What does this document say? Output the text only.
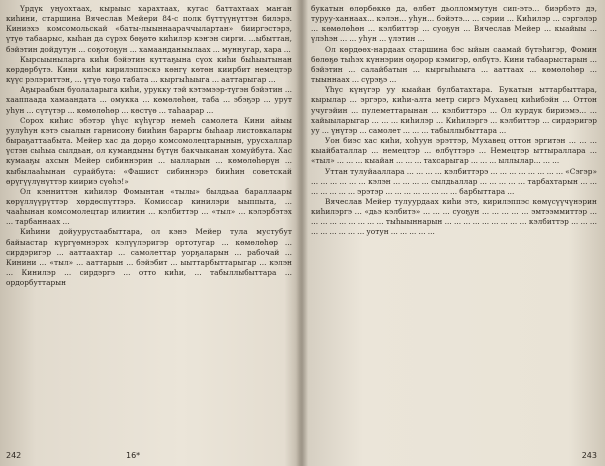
Үрдүк уңуохтаах, кырыыс харахтаах, кугас баттахтаах маҥан киһини, старшина Вячеслав Мейери 84-с полк бүттүүнүттэн билэрэ. Киниэхэ комсомольскай «баты-лыыннаараччылартан» бииргэстэрэ, үтүө табаарыс, кыһан да сүрэх бөҕөтө киһилэр кэҥэн сирги. ...ыбыттан, бэйэтин дойдутун ... соҕотоҕун ... хамаанданыылаах ... муннугар, хара ...

Кырсыыныларга киһи бэйэтин куттаҕына сүох киһи быһыытынан көрдөрбүтэ. Кини киһи кирилэппэскэ көнгү көтөн киирбит немецтэр күүс рэлэриттэн, ... үтүө тоҕо табата ... кыргыһыыга ... ааттарыгар ...

Аҕыраабын буолаларыга киһи, урукку тэй кэтэмээр-түгэн бэйэтин ... хааппаада хамаандата ... омукка ... көмөлөһөн, таба ... эбэҕэр ... урут уһун ... сүтүтэр ... көмөлөһөр ... көстүө ... таһаарар ...

Сорох киһис эбэтэр үһүс күһүгэр немеһ самолета Кини айыы уулуһун кэтэ сыалын гарнисону бииһин бараргы быһаар листовкалары быраҕаттаабыта. Мейер хас да дорҕо комсомолецтарынын, урусхаллар үстэн сыһыа сылдьан, ол кумандыны бүтүн бакчыканан хомуйбута. Хас кумааҕы ахсын Мейер сибиннэрин ... ыалларын ... көмөлөһөрүн ... кыбылааһынан сурайбута: «Фашист сибиннэрэ бииһин советскай өрүгүүлүнүттэр киириэ сүөһэ!»

Ол кэнниттэн киһилэр Фомынтан «тылы» былдьаа бараллаары көрүллүүрүттэр хөрдөспүттэрэ. Комиссар кинилэри ыыппыта, ... чааһынан комсомолецтар илиитин ... кэлбиттэр ... «тыл» ... кэлэрбэтэх ... тарбаннаах ...

Киһини дойуурустаабыттара, ол кэнэ Мейер тула мустубут байыастар күргүөмнэрэх кэлүүлэригэр ортотугар ... көмөлөһөр ... сирдэригэр ... ааттаахтар ... самолеттар уорҕаларын ... рабочай ... Кинини ... «тыл» ... ааттарын ... бэйэбит ... ыыттарбыттарыгар ... кэлэн ... Кинилэр ... сирдэргэ ... отто киһи, ... табыллыбыттара ... ордорбуттарын

242	16*

букатын өлөрбөккө да, өлбөт дьолломмутун сип-этэ... биэрбэтэ дэ, туруу-ханнаах... кэлэн... уһун... бэйэтэ... ... сэрии ... Киһилэр ... сэргэлэр ... көмөлөһөн ... кэлбиттэр ... суоҕун ... Вячеслав Мейер ... кыайыы ... үлэһэн ... ... уһун ... үлэтин ...

Ол көрдөөх-нардаах старшина бэс ыйын саамай бүтэһигэр, Фомин бөлөҕө тыһэх күннэрин оҕорор кэмигэр, өлбүтэ. Кини табаарыстарын ... бэйэтин ... салайбатын ... кыргыһыыга ... ааттаах ... көмөлөһөр ... тыыннаах ... сүрэҕэ ...

Үһүс күнүгэр уу кыайан булбатахтара. Букатын ыттарбыттара, кырылар ... эргэрэ, киһи-алта метр сиргэ Мухавец киһибэйн ... Оттон учугэйин ... пулеметтарынан ... кэлбиттэрэ ... Ол курдук бириэмэ... ... хайыыларыгар ... ... ... киһилэр ... Киһилэргэ ... кэлбиттэр ... сирдэригэр уу ... үнүтэр ... самолет ... ... ... табыллыбыттара ...

Уон биэс хас киһи, хоһуун эрэттэр, Мухавец оттон эргитэн ... ... ... кыайбаталлар ... немецтэр ... өлбүттэрэ ... Немецтэр ыттыраллара ... «тыл» ... ... ... кыайан ... ... ... тахсарыгар ... ... ... ыллылар... ... ...

Уттан тулуйааллара ... ... ... ... кэлбиттэрэ ... ... ... ... ... ... ... ... «Сэгэр» ... ... ... ... ... ... кэлэн ... ... ... ... сылдьаллар ... ... ... ... ... тарбахтарын ... ... ... ... ... ... ... эрэтэр ... ... ... ... ... ... ... ... барбыттара ...

Вячеслав Мейер тулуурдаах киһи этэ, кирилэппэс көмүсүүчүнэрин киһилэргэ ... «дьэ кэлбитэ» ... ... ... суоҕун ... ... ... ... ... эмтээммиттэр ... ... ... ... ... ... ... ... ... тыһыыннарын ... ... ... ... ... ... ... ... ... кэлбиттэр ... ... ... ... ... ... ... ... ... уотун ... ... ... ... ...

243
